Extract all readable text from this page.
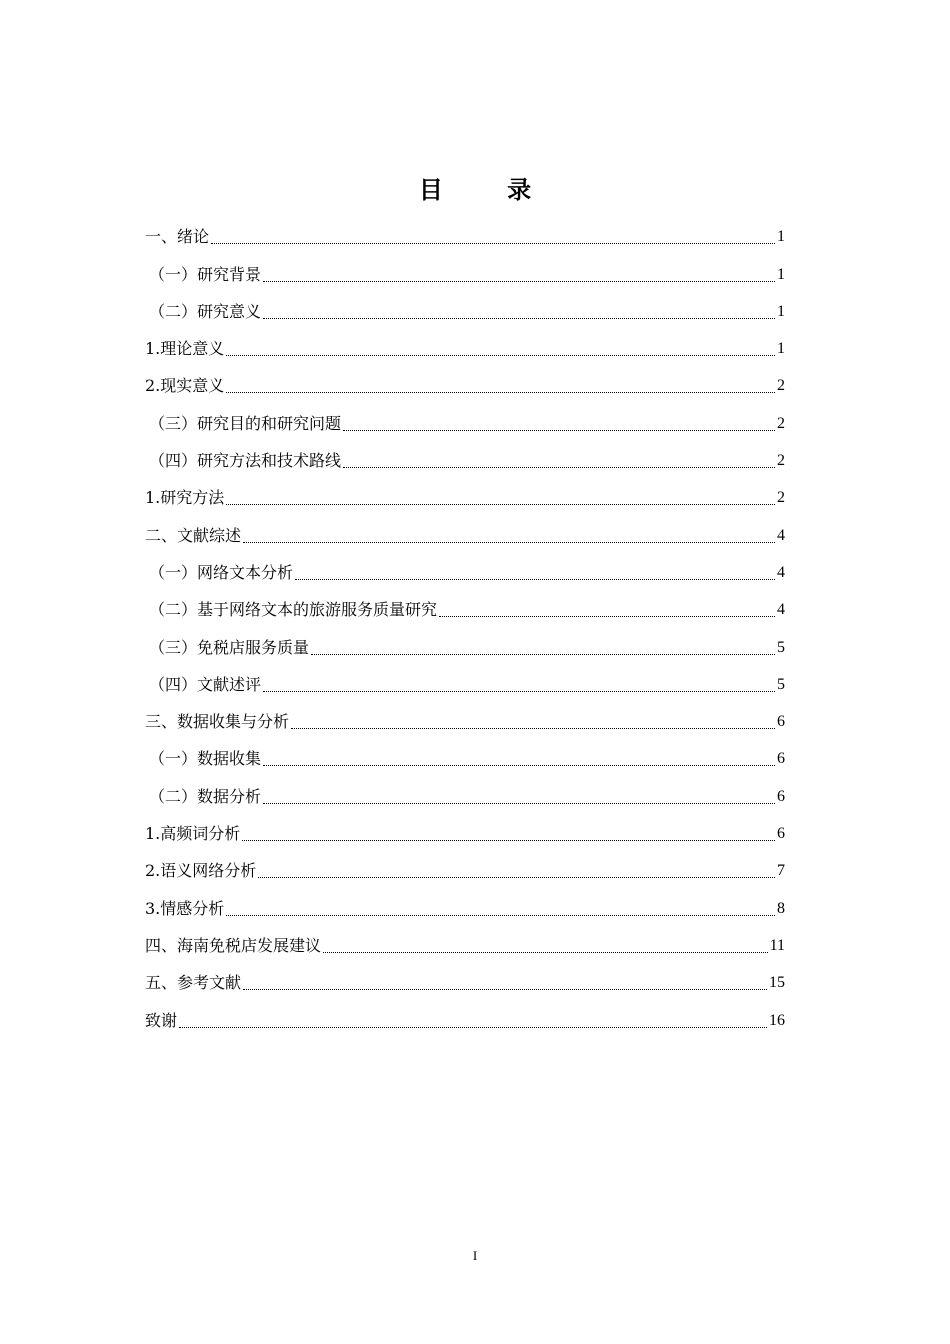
目 录
一、绪论	1
（一）研究背景	1
（二）研究意义	1
1.理论意义	1
2.现实意义	2
（三）研究目的和研究问题	2
（四）研究方法和技术路线	2
1.研究方法	2
二、文献综述	4
（一）网络文本分析	4
（二）基于网络文本的旅游服务质量研究	4
（三）免税店服务质量	5
（四）文献述评	5
三、数据收集与分析	6
（一）数据收集	6
（二）数据分析	6
1.高频词分析	6
2.语义网络分析	7
3.情感分析	8
四、海南免税店发展建议	11
五、参考文献	15
致谢	16
I
